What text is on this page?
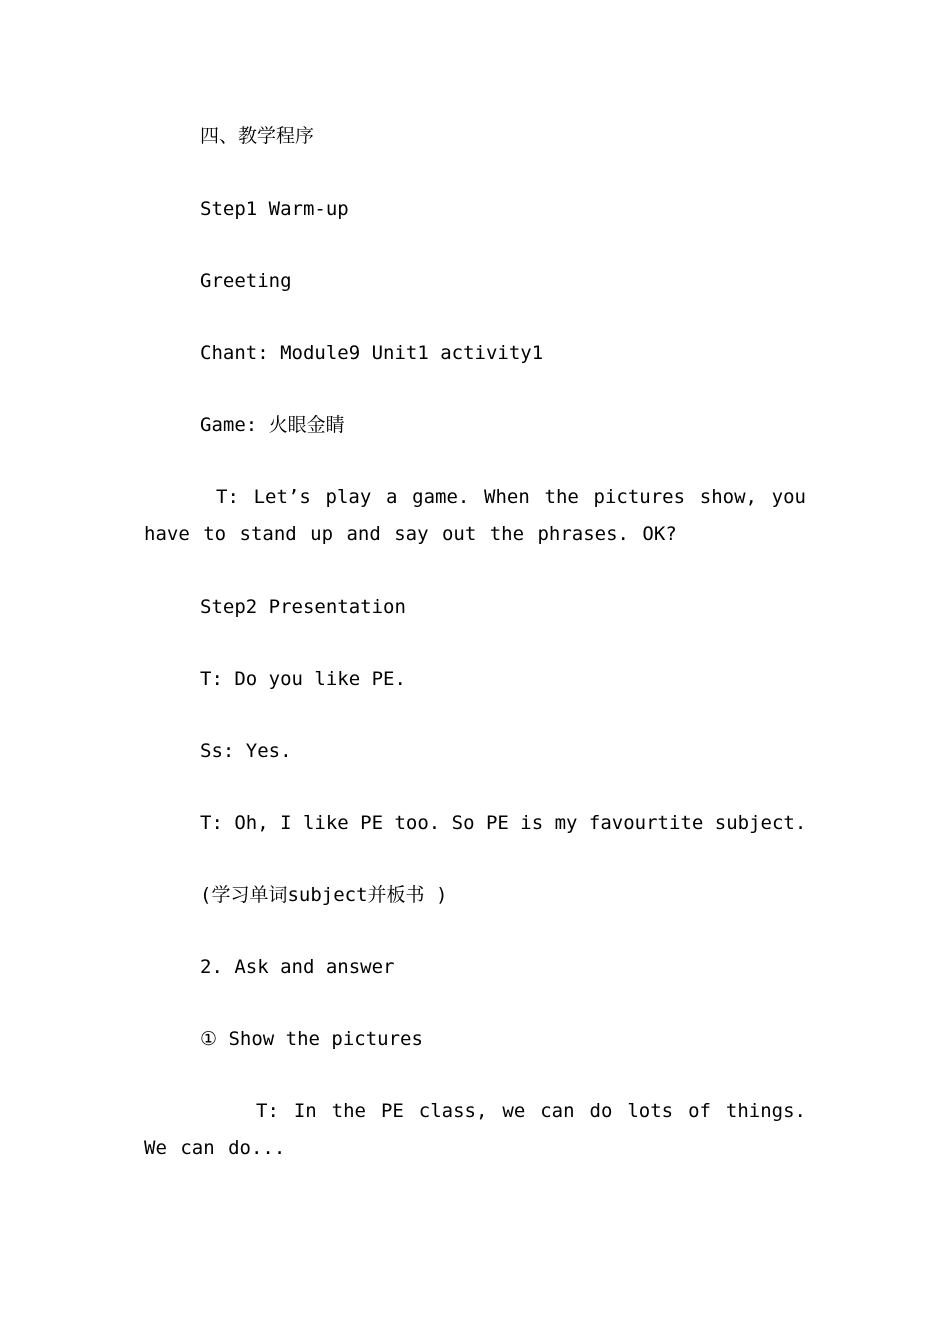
四、教学程序
Step1 Warm-up
Greeting
Chant: Module9 Unit1 activity1
Game: 火眼金睛
T: Let’s play a game. When the pictures show, you have to stand up and say out the phrases. OK?
Step2 Presentation
T: Do you like PE.
Ss: Yes.
T: Oh, I like PE too. So PE is my favourtite subject.
(学习单词subject并板书 )
2. Ask and answer
① Show the pictures
T: In the PE class, we can do lots of things. We can do...
